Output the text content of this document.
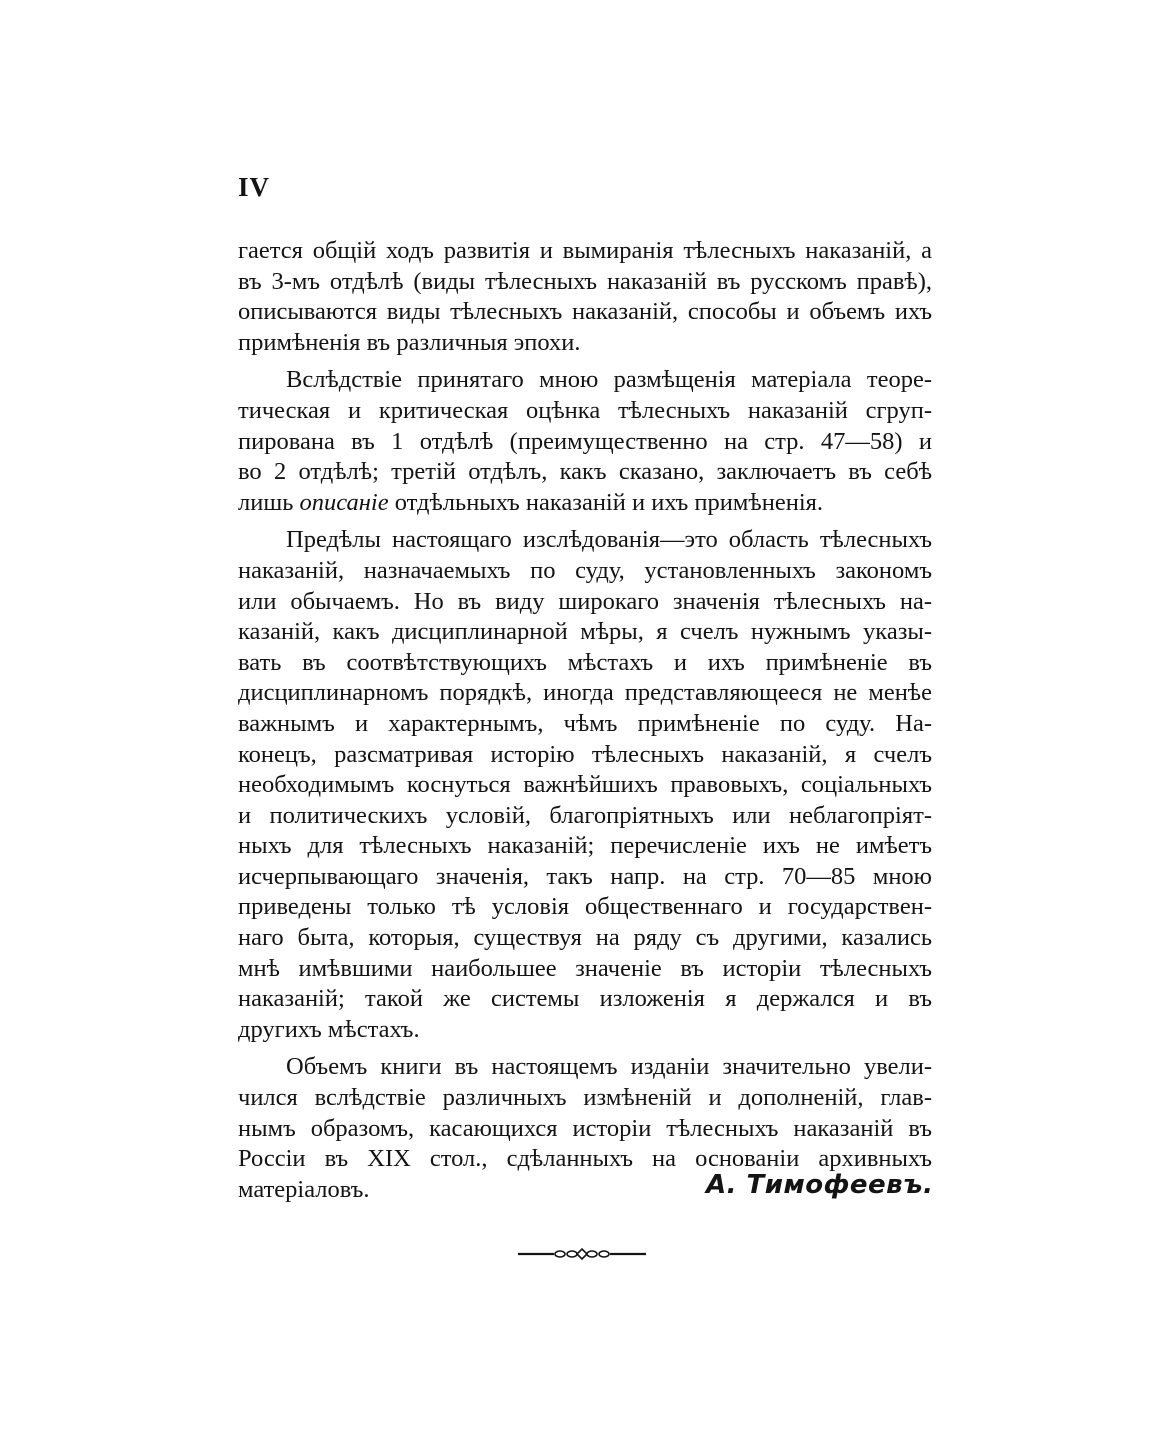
IV
гается общій ходъ развитія и вымиранія тѣлесныхъ наказаній, а
въ 3-мъ отдѣлѣ (виды тѣлесныхъ наказаній въ русскомъ правѣ),
описываются виды тѣлесныхъ наказаній, способы и объемъ ихъ
примѣненія въ различныя эпохи.
Вслѣдствіе принятаго мною размѣщенія матеріала теоре-
тическая и критическая оцѣнка тѣлесныхъ наказаній сгруп-
пирована въ 1 отдѣлѣ (преимущественно на стр. 47—58) и
во 2 отдѣлѣ; третій отдѣлъ, какъ сказано, заключаетъ въ себѣ
лишь описаніе отдѣльныхъ наказаній и ихъ примѣненія.
Предѣлы настоящаго изслѣдованія—это область тѣлесныхъ
наказаній, назначаемыхъ по суду, установленныхъ закономъ
или обычаемъ. Но въ виду широкаго значенія тѣлесныхъ на-
казаній, какъ дисциплинарной мѣры, я счелъ нужнымъ указы-
вать въ соотвѣтствующихъ мѣстахъ и ихъ примѣненіе въ
дисциплинарномъ порядкѣ, иногда представляющееся не менѣе
важнымъ и характернымъ, чѣмъ примѣненіе по суду. На-
конецъ, разсматривая исторію тѣлесныхъ наказаній, я счелъ
необходимымъ коснуться важнѣйшихъ правовыхъ, соціальныхъ
и политическихъ условій, благопріятныхъ или неблагопріят-
ныхъ для тѣлесныхъ наказаній; перечисленіе ихъ не имѣетъ
исчерпывающаго значенія, такъ напр. на стр. 70—85 мною
приведены только тѣ условія общественнаго и государствен-
наго быта, которыя, существуя на ряду съ другими, казались
мнѣ имѣвшими наибольшее значеніе въ исторіи тѣлесныхъ
наказаній; такой же системы изложенія я держался и въ
другихъ мѣстахъ.
Объемъ книги въ настоящемъ изданіи значительно увели-
чился вслѣдствіе различныхъ измѣненій и дополненій, глав-
нымъ образомъ, касающихся исторіи тѣлесныхъ наказаній въ
Россіи въ XIX стол., сдѣланныхъ на основаніи архивныхъ
матеріаловъ.	А. Тимофеевъ.
